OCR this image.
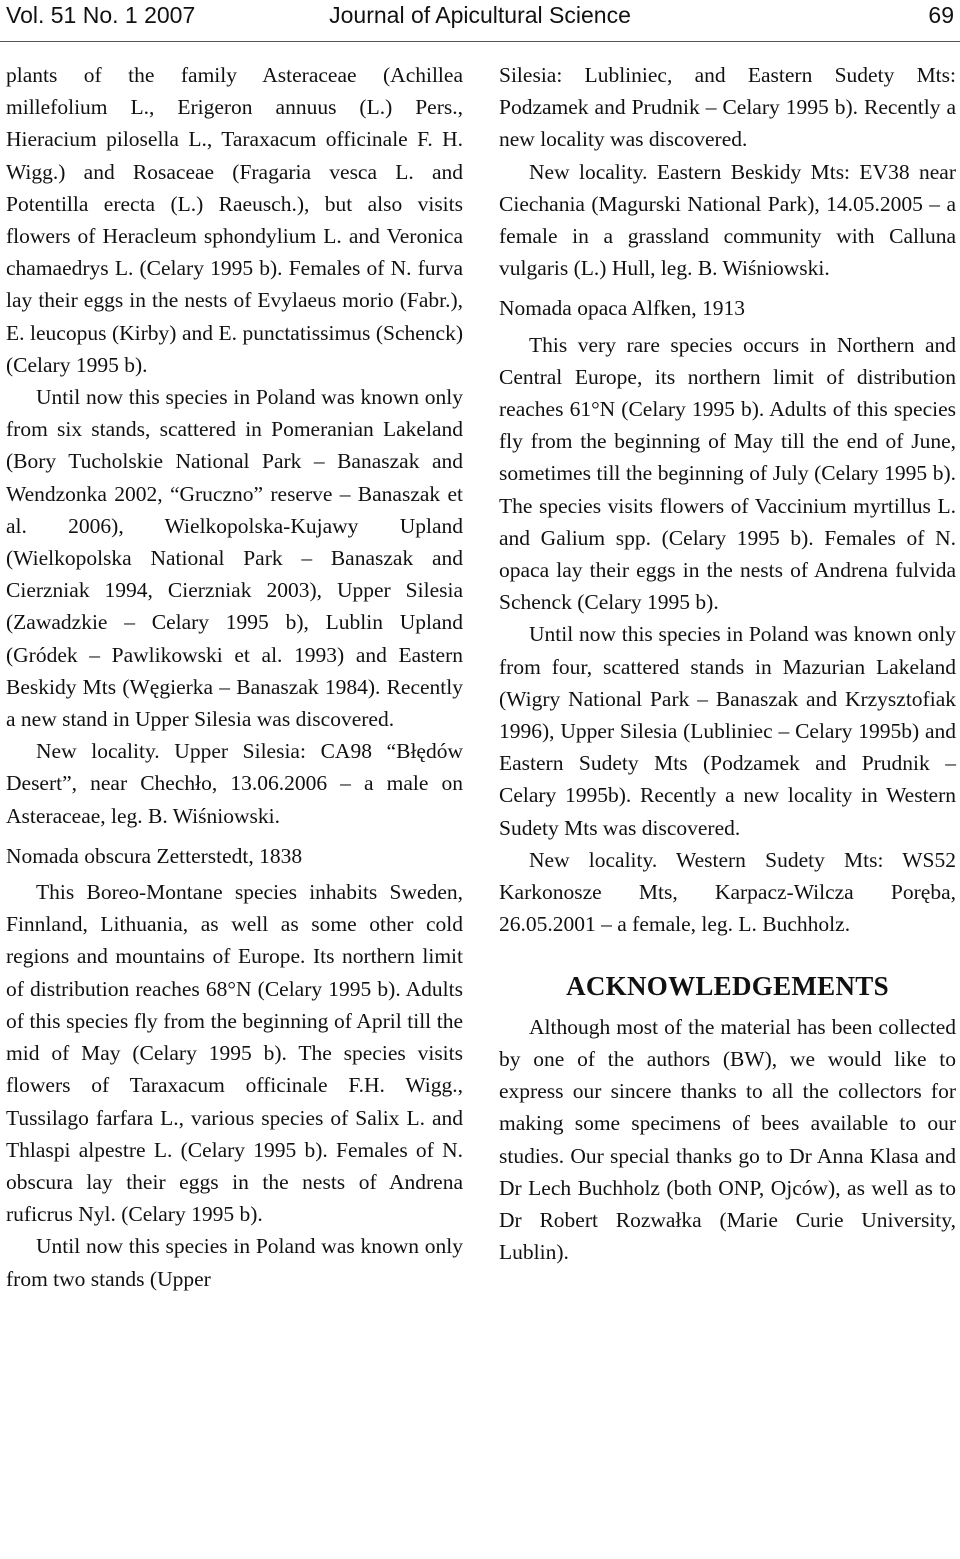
Vol. 51 No. 1 2007	Journal of Apicultural Science	69

plants of the family Asteraceae (Achillea millefolium L., Erigeron annuus (L.) Pers., Hieracium pilosella L., Taraxacum officinale F. H. Wigg.) and Rosaceae (Fragaria vesca L. and Potentilla erecta (L.) Raeusch.), but also visits flowers of Heracleum sphondylium L. and Veronica chamaedrys L. (Celary 1995 b). Females of N. furva lay their eggs in the nests of Evylaeus morio (Fabr.), E. leucopus (Kirby) and E. punctatissimus (Schenck) (Celary 1995 b).

Until now this species in Poland was known only from six stands, scattered in Pomeranian Lakeland (Bory Tucholskie National Park – Banaszak and Wendzonka 2002, “Gruczno” reserve – Banaszak et al. 2006), Wielkopolska-Kujawy Upland (Wielkopolska National Park – Banaszak and Cierzniak 1994, Cierzniak 2003), Upper Silesia (Zawadzkie – Celary 1995 b), Lublin Upland (Gródek – Pawlikowski et al. 1993) and Eastern Beskidy Mts (Węgierka – Banaszak 1984). Recently a new stand in Upper Silesia was discovered.

New locality. Upper Silesia: CA98 “Błędów Desert”, near Chechło, 13.06.2006 – a male on Asteraceae, leg. B. Wiśniowski.

Nomada obscura Zetterstedt, 1838

This Boreo-Montane species inhabits Sweden, Finnland, Lithuania, as well as some other cold regions and mountains of Europe. Its northern limit of distribution reaches 68°N (Celary 1995 b). Adults of this species fly from the beginning of April till the mid of May (Celary 1995 b). The species visits flowers of Taraxacum officinale F.H. Wigg., Tussilago farfara L., various species of Salix L. and Thlaspi alpestre L. (Celary 1995 b). Females of N. obscura lay their eggs in the nests of Andrena ruficrus Nyl. (Celary 1995 b).

Until now this species in Poland was known only from two stands (Upper

Silesia: Lubliniec, and Eastern Sudety Mts: Podzamek and Prudnik – Celary 1995 b). Recently a new locality was discovered.

New locality. Eastern Beskidy Mts: EV38 near Ciechania (Magurski National Park), 14.05.2005 – a female in a grassland community with Calluna vulgaris (L.) Hull, leg. B. Wiśniowski.

Nomada opaca Alfken, 1913

This very rare species occurs in Northern and Central Europe, its northern limit of distribution reaches 61°N (Celary 1995 b). Adults of this species fly from the beginning of May till the end of June, sometimes till the beginning of July (Celary 1995 b). The species visits flowers of Vaccinium myrtillus L. and Galium spp. (Celary 1995 b). Females of N. opaca lay their eggs in the nests of Andrena fulvida Schenck (Celary 1995 b).

Until now this species in Poland was known only from four, scattered stands in Mazurian Lakeland (Wigry National Park – Banaszak and Krzysztofiak 1996), Upper Silesia (Lubliniec – Celary 1995b) and Eastern Sudety Mts (Podzamek and Prudnik – Celary 1995b). Recently a new locality in Western Sudety Mts was discovered.

New locality. Western Sudety Mts: WS52 Karkonosze Mts, Karpacz-Wilcza Poręba, 26.05.2001 – a female, leg. L. Buchholz.

ACKNOWLEDGEMENTS

Although most of the material has been collected by one of the authors (BW), we would like to express our sincere thanks to all the collectors for making some specimens of bees available to our studies. Our special thanks go to Dr Anna Klasa and Dr Lech Buchholz (both ONP, Ojców), as well as to Dr Robert Rozwałka (Marie Curie University, Lublin).
